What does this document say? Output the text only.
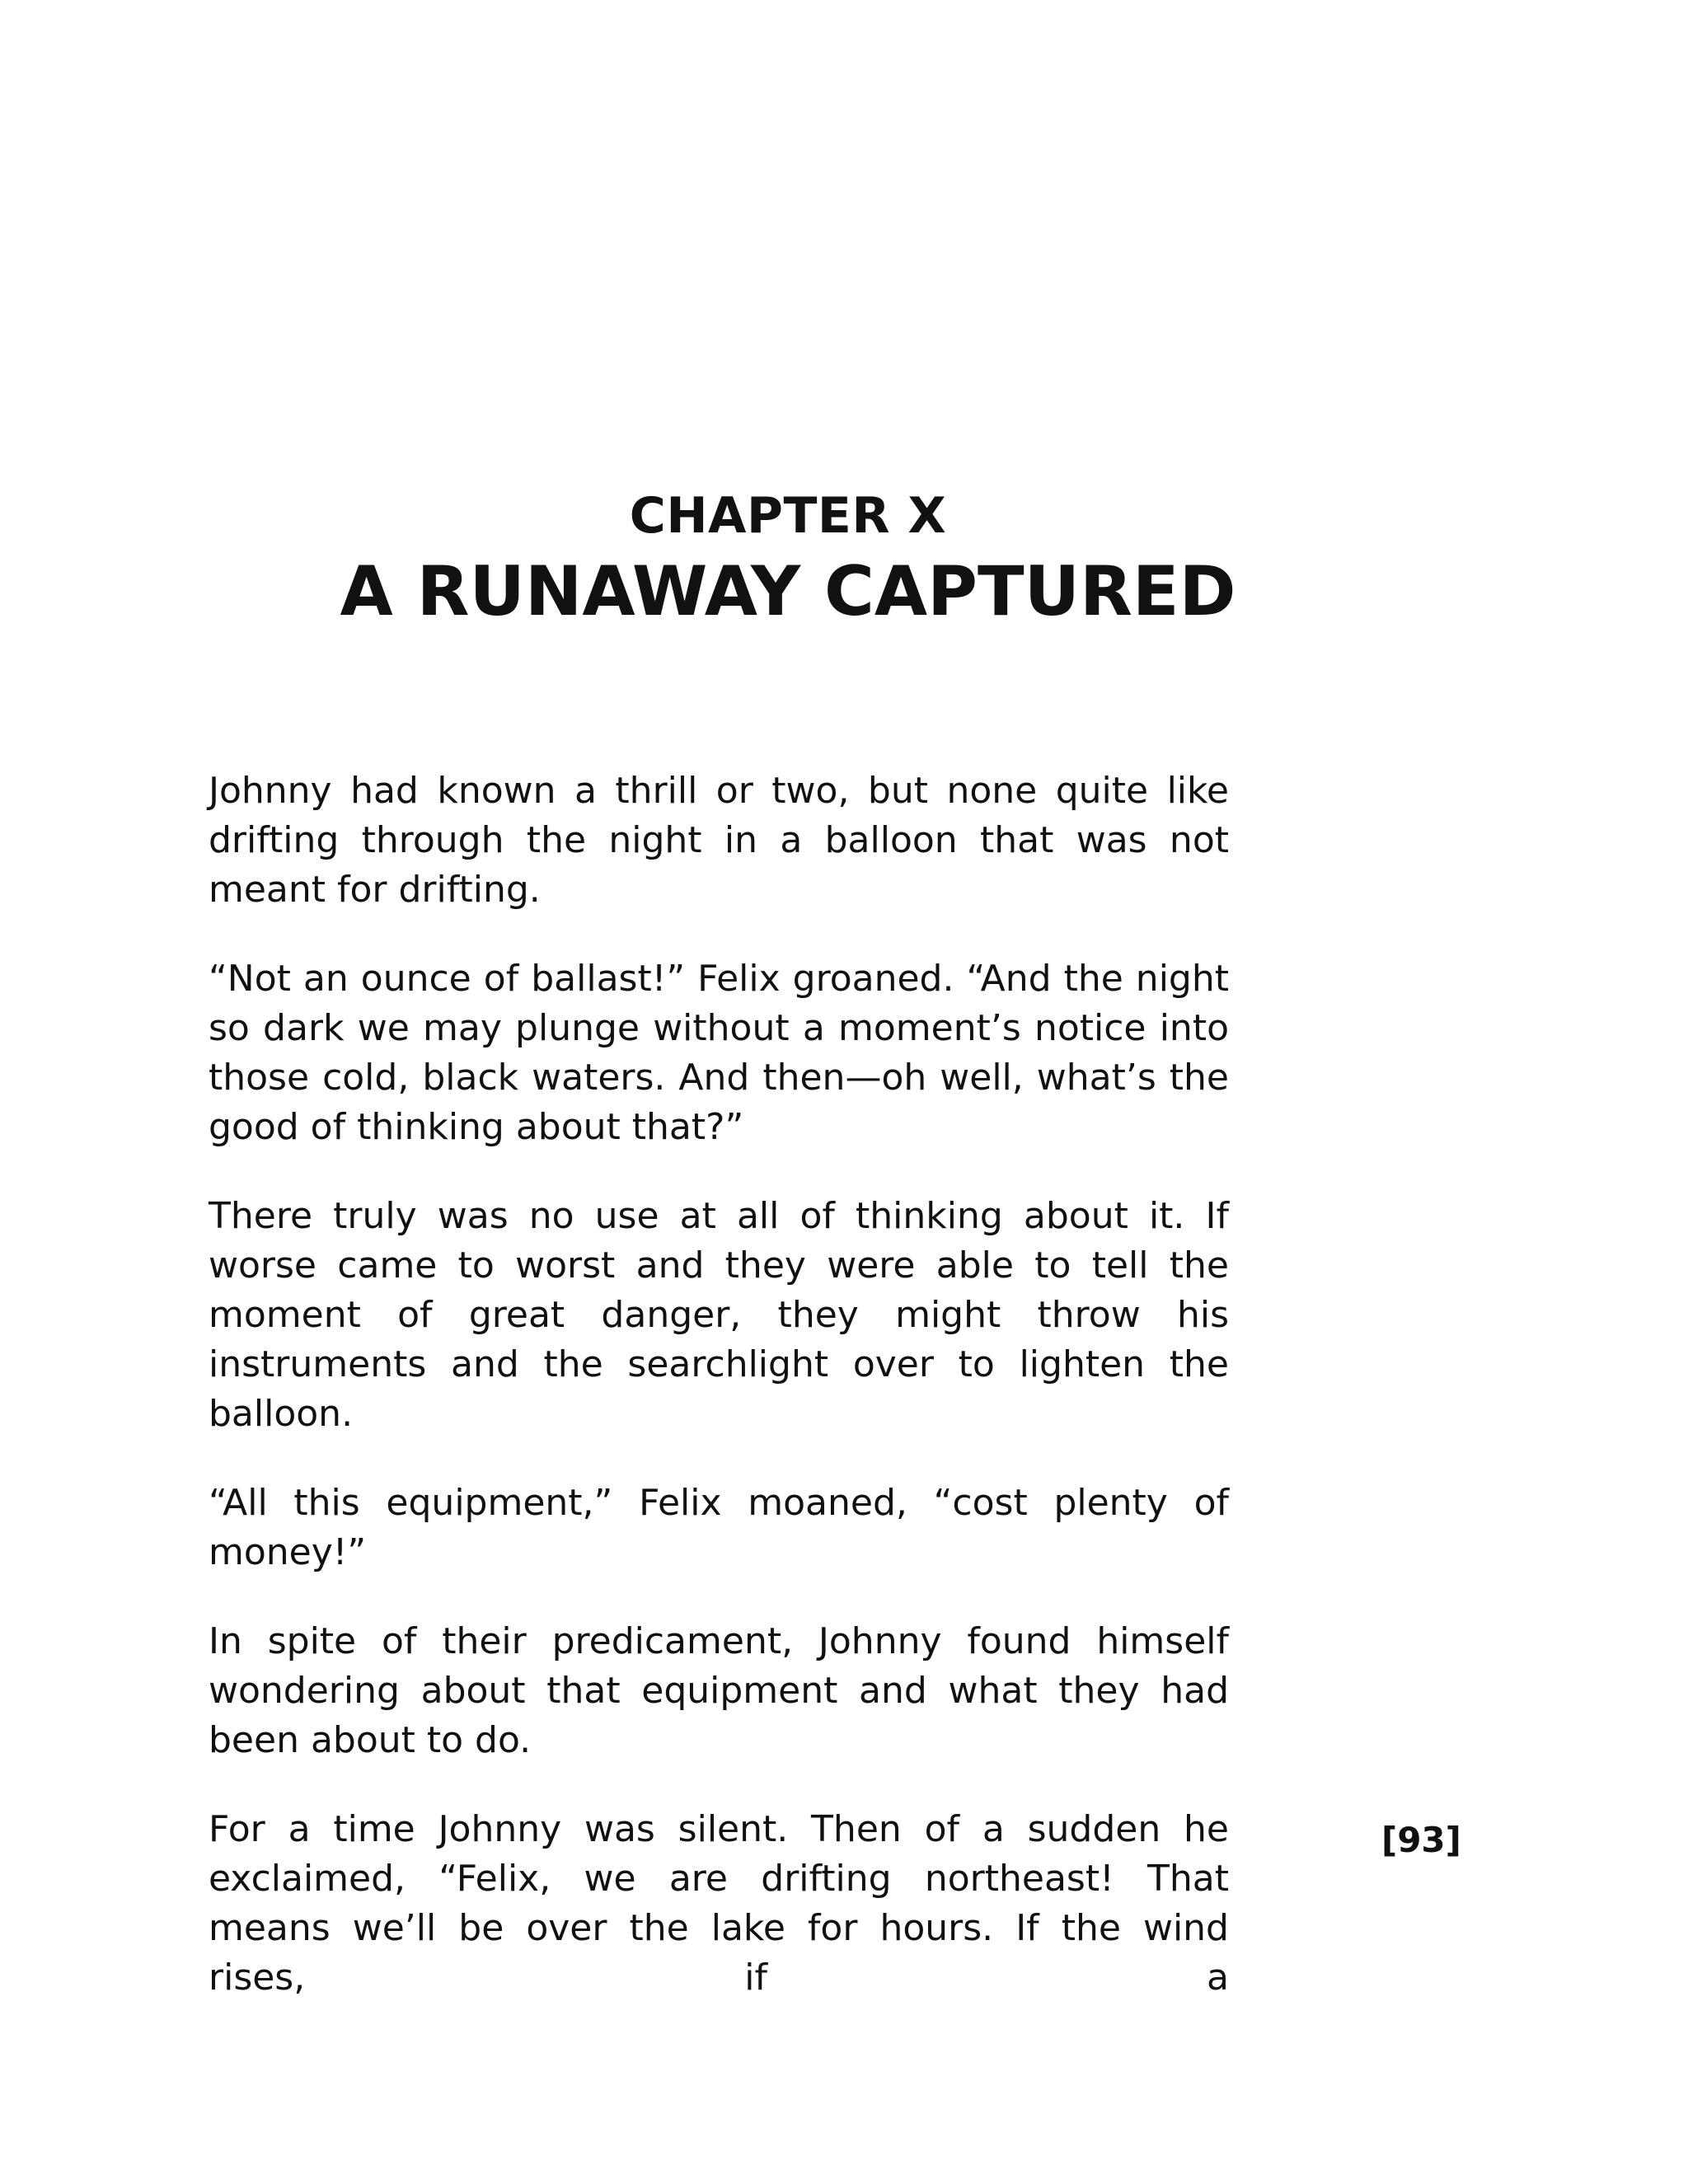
CHAPTER X
A RUNAWAY CAPTURED

Johnny had known a thrill or two, but none quite like drifting through the night in a balloon that was not meant for drifting.

“Not an ounce of ballast!” Felix groaned. “And the night so dark we may plunge without a moment’s notice into those cold, black waters. And then—oh well, what’s the good of thinking about that?”

There truly was no use at all of thinking about it. If worse came to worst and they were able to tell the moment of great danger, they might throw his instruments and the searchlight over to lighten the balloon.

“All this equipment,” Felix moaned, “cost plenty of money!”

In spite of their predicament, Johnny found himself wondering about that equipment and what they had been about to do.

For a time Johnny was silent. Then of a sudden he exclaimed, “Felix, we are drifting northeast! That means we’ll be over the lake for hours. If the wind rises, if a

[93]
